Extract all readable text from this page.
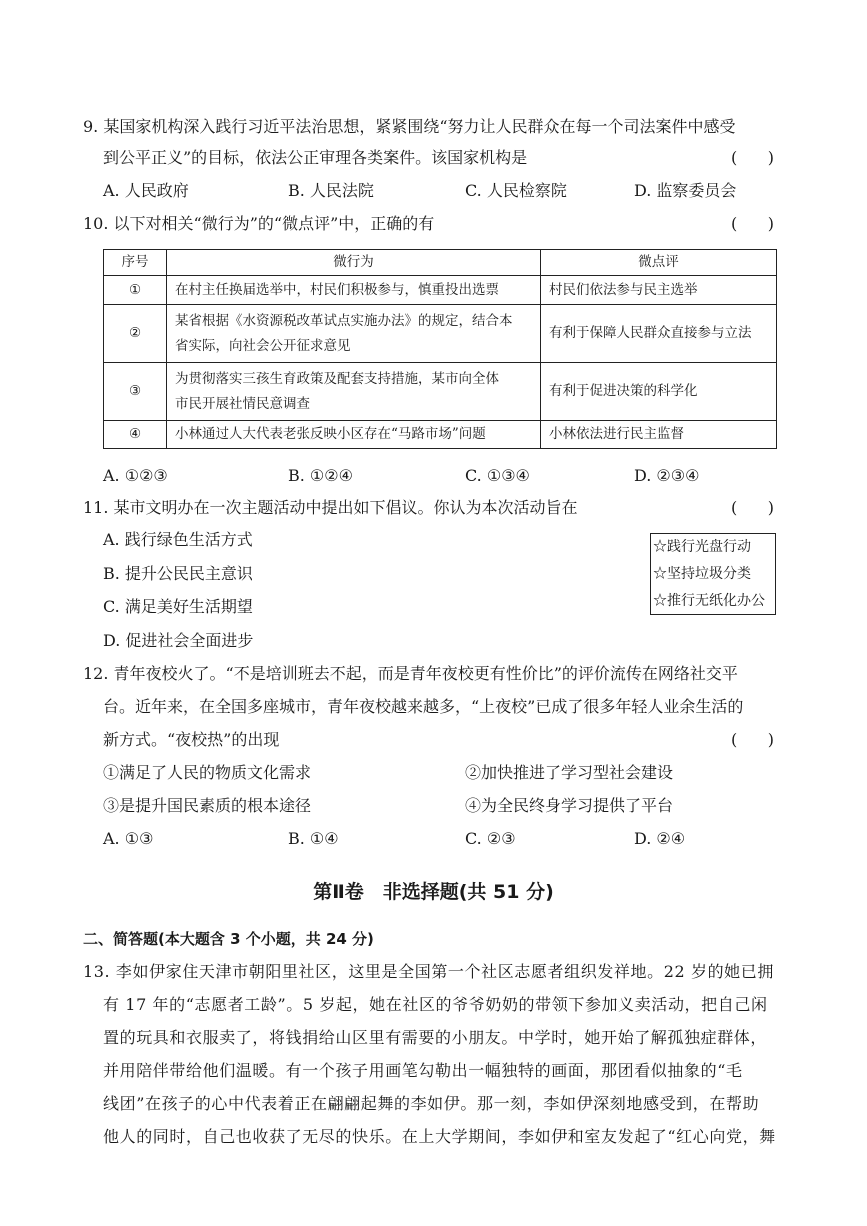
9. 某国家机构深入践行习近平法治思想，紧紧围绕“努力让人民群众在每一个司法案件中感受
到公平正义”的目标，依法公正审理各类案件。该国家机构是	(      )
A. 人民政府	B. 人民法院	C. 人民检察院	D. 监察委员会
10. 以下对相关“微行为”的“微点评”中，正确的有	(      )
序号	微行为	微点评
①	在村主任换届选举中，村民们积极参与，慎重投出选票	村民们依法参与民主选举
②	某省根据《水资源税改革试点实施办法》的规定，结合本
省实际，向社会公开征求意见	有利于保障人民群众直接参与立法
③	为贯彻落实三孩生育政策及配套支持措施，某市向全体
市民开展社情民意调查	有利于促进决策的科学化
④	小林通过人大代表老张反映小区存在“马路市场”问题	小林依法进行民主监督
A. ①②③	B. ①②④	C. ①③④	D. ②③④
11. 某市文明办在一次主题活动中提出如下倡议。你认为本次活动旨在	(      )
A. 践行绿色生活方式
B. 提升公民民主意识
C. 满足美好生活期望
D. 促进社会全面进步
☆践行光盘行动
☆坚持垃圾分类
☆推行无纸化办公
12. 青年夜校火了。“不是培训班去不起，而是青年夜校更有性价比”的评价流传在网络社交平
台。近年来，在全国多座城市，青年夜校越来越多，“上夜校”已成了很多年轻人业余生活的
新方式。“夜校热”的出现	(      )
①满足了人民的物质文化需求	②加快推进了学习型社会建设
③是提升国民素质的根本途径	④为全民终身学习提供了平台
A. ①③	B. ①④	C. ②③	D. ②④
第Ⅱ卷　非选择题(共 51 分)
二、简答题(本大题含 3 个小题，共 24 分)
13. 李如伊家住天津市朝阳里社区，这里是全国第一个社区志愿者组织发祥地。22 岁的她已拥
有 17 年的“志愿者工龄”。5 岁起，她在社区的爷爷奶奶的带领下参加义卖活动，把自己闲
置的玩具和衣服卖了，将钱捐给山区里有需要的小朋友。中学时，她开始了解孤独症群体，
并用陪伴带给他们温暖。有一个孩子用画笔勾勒出一幅独特的画面，那团看似抽象的“毛
线团”在孩子的心中代表着正在翩翩起舞的李如伊。那一刻，李如伊深刻地感受到，在帮助
他人的同时，自己也收获了无尽的快乐。在上大学期间，李如伊和室友发起了“红心向党，舞
